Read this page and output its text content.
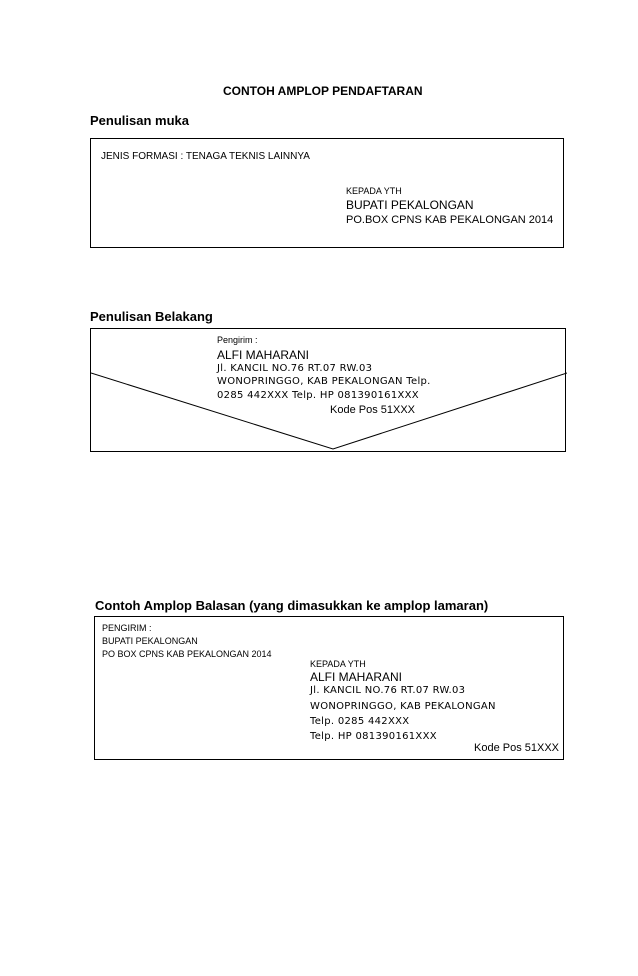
CONTOH AMPLOP PENDAFTARAN
Penulisan muka
JENIS FORMASI : TENAGA TEKNIS LAINNYA
KEPADA YTH
BUPATI PEKALONGAN
PO.BOX CPNS KAB PEKALONGAN 2014
Penulisan Belakang
Pengirim :
ALFI MAHARANI
Jl. KANCIL NO.76 RT.07 RW.03
WONOPRINGGO, KAB PEKALONGAN Telp.
0285 442XXX Telp. HP 081390161XXX
Kode Pos 51XXX
Contoh Amplop Balasan (yang dimasukkan ke amplop lamaran)
PENGIRIM :
BUPATI PEKALONGAN
PO BOX CPNS KAB PEKALONGAN 2014
KEPADA YTH
ALFI MAHARANI
Jl. KANCIL NO.76 RT.07 RW.03
WONOPRINGGO, KAB PEKALONGAN
Telp. 0285 442XXX
Telp. HP 081390161XXX
Kode Pos 51XXX
